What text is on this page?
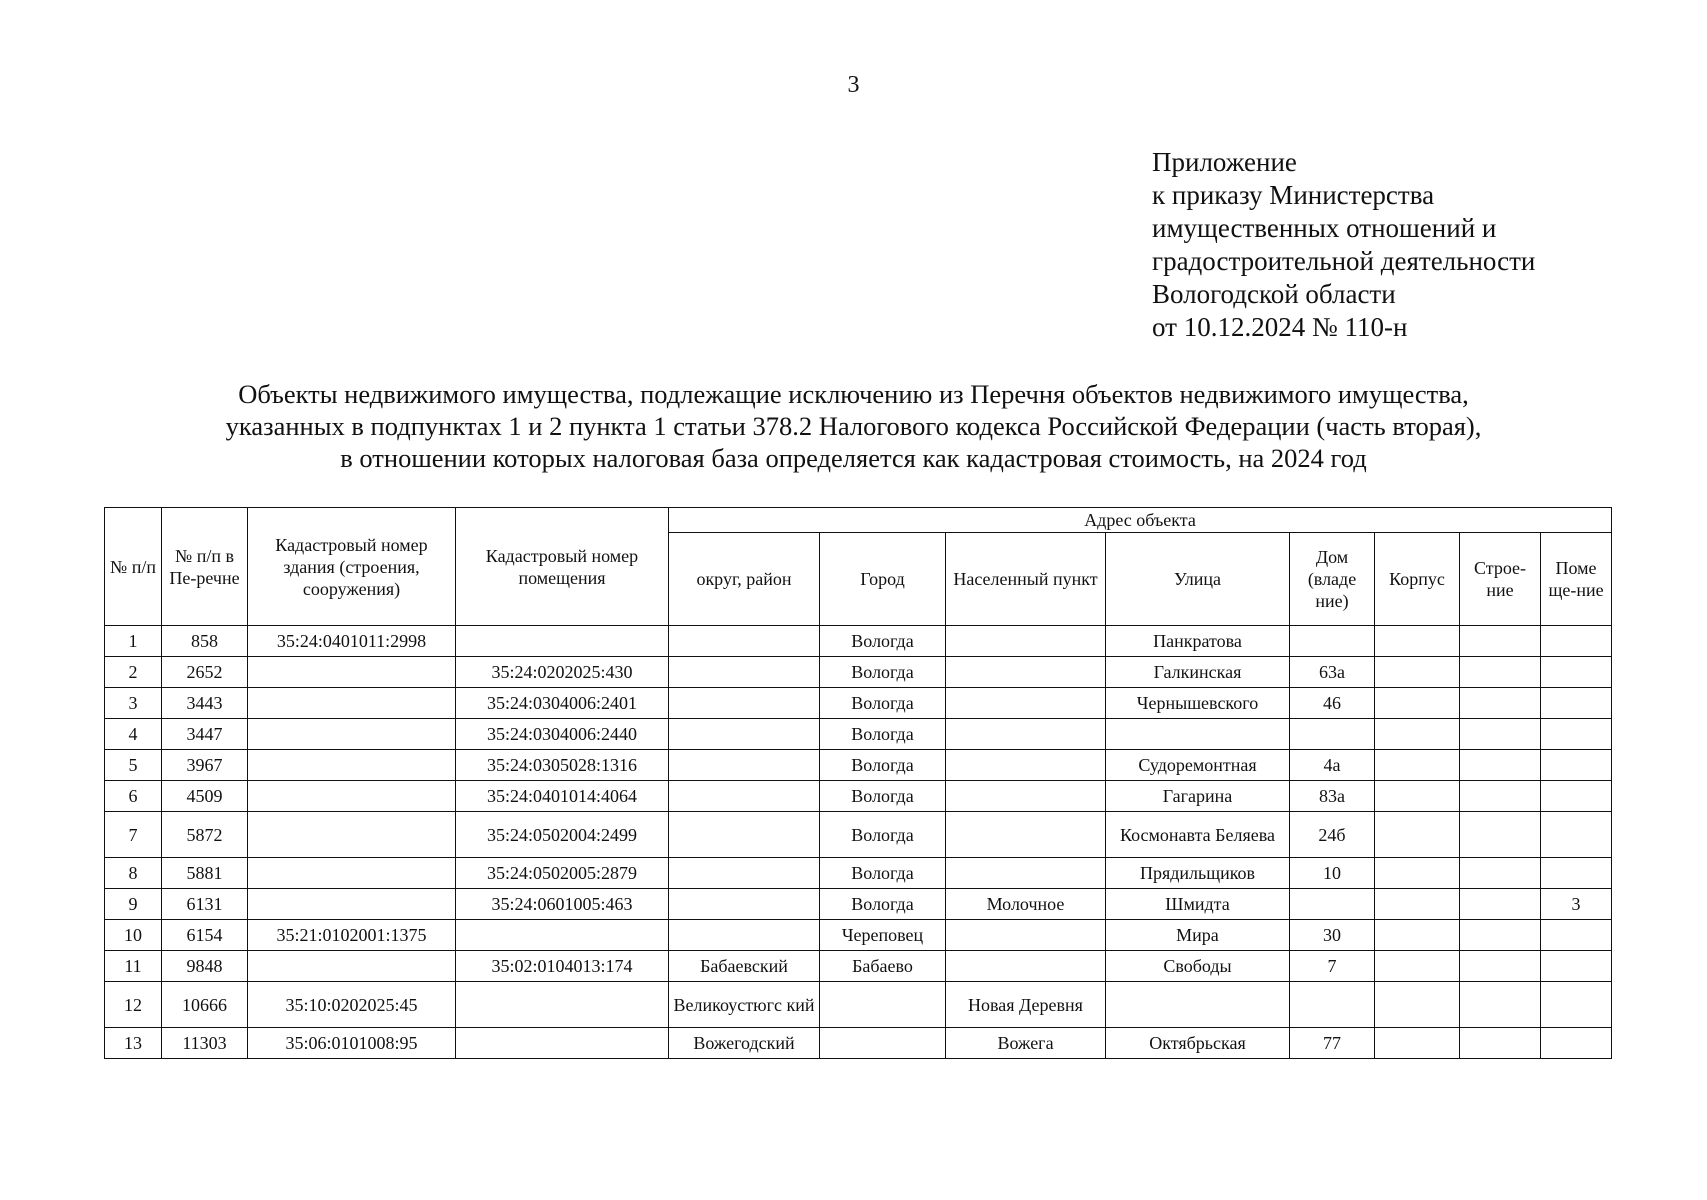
3
Приложение
к приказу Министерства
имущественных отношений и
градостроительной деятельности
Вологодской области
от 10.12.2024 № 110-н
Объекты недвижимого имущества, подлежащие исключению из Перечня объектов недвижимого имущества,
указанных в подпунктах 1 и 2 пункта 1 статьи 378.2 Налогового кодекса Российской Федерации (часть вторая),
в отношении которых налоговая база определяется как кадастровая стоимость, на 2024 год
№ п/п	№ п/п в Пе-речне	Кадастровый номер здания (строения, сооружения)	Кадастровый номер помещения	Адрес объекта							
				округ, район	Город	Населенный пункт	Улица	Дом (владе ние)	Корпус	Строе-ние	Поме ще-ние
1	858	35:24:0401011:2998			Вологда		Панкратова				
2	2652		35:24:0202025:430		Вологда		Галкинская	63а			
3	3443		35:24:0304006:2401		Вологда		Чернышевского	46			
4	3447		35:24:0304006:2440		Вологда						
5	3967		35:24:0305028:1316		Вологда		Судоремонтная	4а			
6	4509		35:24:0401014:4064		Вологда		Гагарина	83а			
7	5872		35:24:0502004:2499		Вологда		Космонавта Беляева	24б			
8	5881		35:24:0502005:2879		Вологда		Прядильщиков	10			
9	6131		35:24:0601005:463		Вологда	Молочное	Шмидта				3
10	6154	35:21:0102001:1375			Череповец		Мира	30			
11	9848		35:02:0104013:174	Бабаевский	Бабаево		Свободы	7			
12	10666	35:10:0202025:45		Великоустюгс кий		Новая Деревня					
13	11303	35:06:0101008:95		Вожегодский		Вожега	Октябрьская	77			
